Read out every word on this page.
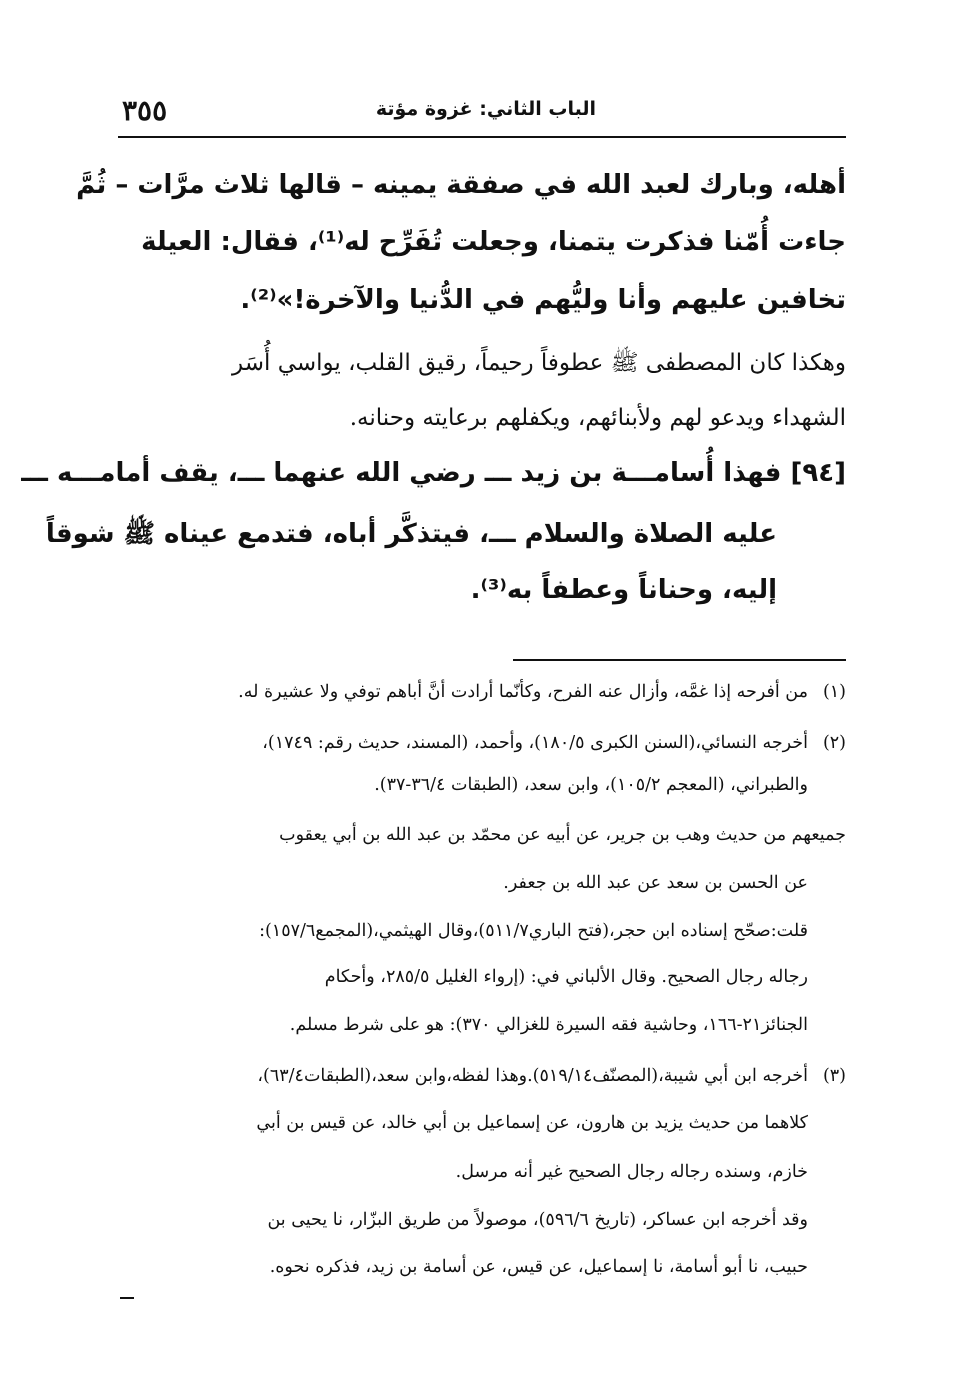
٣٥٥	الباب الثاني: غزوة مؤتة
أهله، وبارك لعبد الله في صفقة يمينه – قالها ثلاث مرَّات – ثُمَّ
جاءت أُمّنا فذكرت يتمنا، وجعلت تُفَرِّح له⁽¹⁾، فقال: العيلة
تخافين عليهم وأنا وليُّهم في الدُّنيا والآخرة!»⁽²⁾.
وهكذا كان المصطفى ﷺ عطوفاً رحيماً، رقيق القلب، يواسي أُسَر
الشهداء ويدعو لهم ولأبنائهم، ويكفلهم برعايته وحنانه.
[٩٤] فهذا أُسامـــة بن زيد ـــ رضي الله عنهما ـــ، يقف أمامـــه ـــ
عليه الصلاة والسلام ـــ، فيتذكَّر أباه، فتدمع عيناه ﷺ شوقاً
إليه، وحناناً وعطفاً به⁽³⁾.
(١)
من أفرحه إذا غمَّه، وأزال عنه الفرح، وكأنّما أرادت أنَّ أباهم توفي ولا عشيرة له.
(٢)
أخرجه النسائي،(السنن الكبرى ١٨٠/٥)، وأحمد، (المسند، حديث رقم: ١٧٤٩)،
والطبراني، (المعجم ١٠٥/٢)، وابن سعد، (الطبقات ٣٦/٤-٣٧).
جميعهم من حديث وهب بن جرير، عن أبيه عن محمّد بن عبد الله بن أبي يعقوب
عن الحسن بن سعد عن عبد الله بن جعفر.
قلت:صحّح إسناده ابن حجر،(فتح الباري٥١١/٧)،وقال الهيثمي،(المجمع١٥٧/٦):
رجاله رجال الصحيح. وقال الألباني في: (إرواء الغليل ٢٨٥/٥، وأحكام
الجنائز٢١-١٦٦، وحاشية فقه السيرة للغزالي ٣٧٠): هو على شرط مسلم.
(٣)
أخرجه ابن أبي شيبة،(المصنّف٥١٩/١٤).وهذا لفظه،وابن سعد،(الطبقات٦٣/٤)،
كلاهما من حديث يزيد بن هارون، عن إسماعيل بن أبي خالد، عن قيس بن أبي
خازم، وسنده رجاله رجال الصحيح غير أنه مرسل.
وقد أخرجه ابن عساكر، (تاريخ ٥٩٦/٦)، موصولاً من طريق البزّار، نا يحيى بن
حبيب، نا أبو أسامة، نا إسماعيل، عن قيس، عن أسامة بن زيد، فذكره نحوه.
